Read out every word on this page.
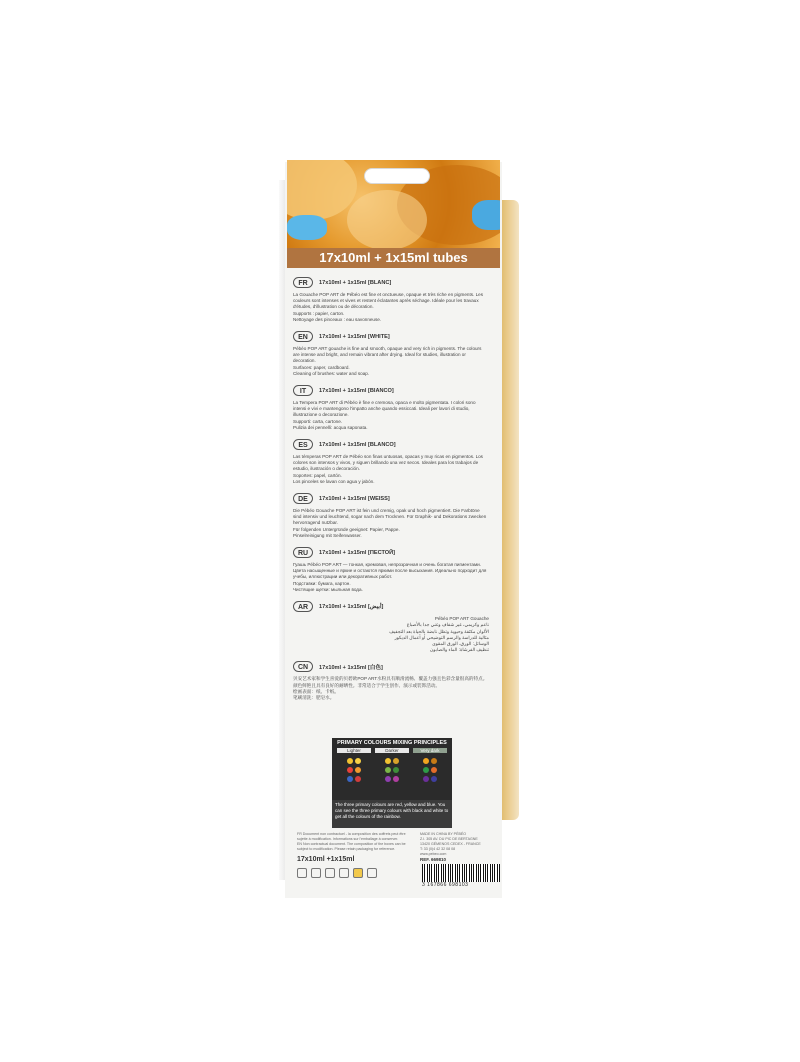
17x10ml + 1x15ml tubes
FR	17x10ml + 1x15ml [BLANC]
La Gouache POP ART de Pébéo est fine et onctueuse, opaque et très riche en pigments. Les couleurs sont intenses et vives et restent éclatantes après séchage. Idéale pour les travaux d'études, d'illustration ou de décoration.
Supports : papier, carton.
Nettoyage des pinceaux : eau savonneuse.
EN	17x10ml + 1x15ml [WHITE]
Pébéo POP ART gouache is fine and smooth, opaque and very rich in pigments. The colours are intense and bright, and remain vibrant after drying. Ideal for studies, illustration or decoration.
Surfaces: paper, cardboard.
Cleaning of brushes: water and soap.
IT	17x10ml + 1x15ml [BIANCO]
La Tempera POP ART di Pébéo è fine e cremosa, opaca e molto pigmentata. I colori sono intensi e vivi e mantengono l'impatto anche quando essiccati. Ideali per lavori di studio, illustrazione o decorazione.
Supporti: carta, cartone.
Pulizia dei pennelli: acqua saponata.
ES	17x10ml + 1x15ml [BLANCO]
Las témperas POP ART de Pébéo son finas untuosas, opacas y muy ricas en pigmentos. Los colores son intensos y vivos, y siguen brillando una vez secos. Ideales para los trabajos de estudio, ilustración o decoración.
Soportes: papel, cartón.
Los pinceles se lavan con agua y jabón.
DE	17x10ml + 1x15ml [WEISS]
Die Pébéo Gouache POP ART ist fein und cremig, opak und hoch pigmentiert. Die Farbtöne sind intensiv und leuchtend, sogar nach dem Trocknen. Für Graphik- und Dekorations zwecken hervorragend nutzbar.
Für folgenden Untergründe geeignet: Papier, Pappe.
Pinselreinigung mit Seifenwasser.
RU	17x10ml + 1x15ml [ПЕСТОЙ]
Гуашь Pébéo POP ART — тонкая, кремовая, непрозрачная и очень богатая пигментами. Цвета насыщенные и яркие и остаются яркими после высыхания. Идеально подходит для учебы, иллюстрации или декоративных работ.
Подставки: бумага, картон.
Чистящие щетки: мыльная вода.
AR	17x10ml + 1x15ml [أبيض]
Pébéo POP ART Gouache
ناعم وكريمي، غير شفاف وغني جدا بالأصباغ
الألوان مكثفة وحيوية وتظل نابضة بالحياة بعد التجفيف
مثالية للدراسة والرسم التوضيحي أو أعمال الديكور
الوسائل: الورق، الورق المقوى
تنظيف الفرشاة: الماء والصابون
CN	17x10ml + 1x15ml [白色]
贝安艺术家和学生喜爱的贝碧欧POP ART水粉具有顺滑流畅、覆盖力强且色彩含量很高的特点。颜色鲜艳且具有良好的耐晒性。非常适合于学生创作、演示或装饰活动。
绘画表面：纸、卡纸。
笔刷清洗：肥皂水。
PRIMARY COLOURS MIXING PRINCIPLES
Lighter	Darker	Very dark
The three primary colours are red, yellow and blue. You can see the three primary colours with black and white to get all the colours of the rainbow.
FR Document non contractuel - la composition des coffrets peut être sujette à modification. Informations sur l'emballage à conserver.
EN Non contractual document. The composition of the boxes can be subject to modification. Please retain packaging for reference.
MADE IN CHINA BY PÉBÉO
Z.I. 305 AV. DU PIC DE BERTAGNE
13420 GÉMENOS CEDEX - FRANCE
T: 33 (0)4 42 32 08 08
www.pebeo.com
17x10ml +1x15ml	REF. 669810
3 167866 698103
